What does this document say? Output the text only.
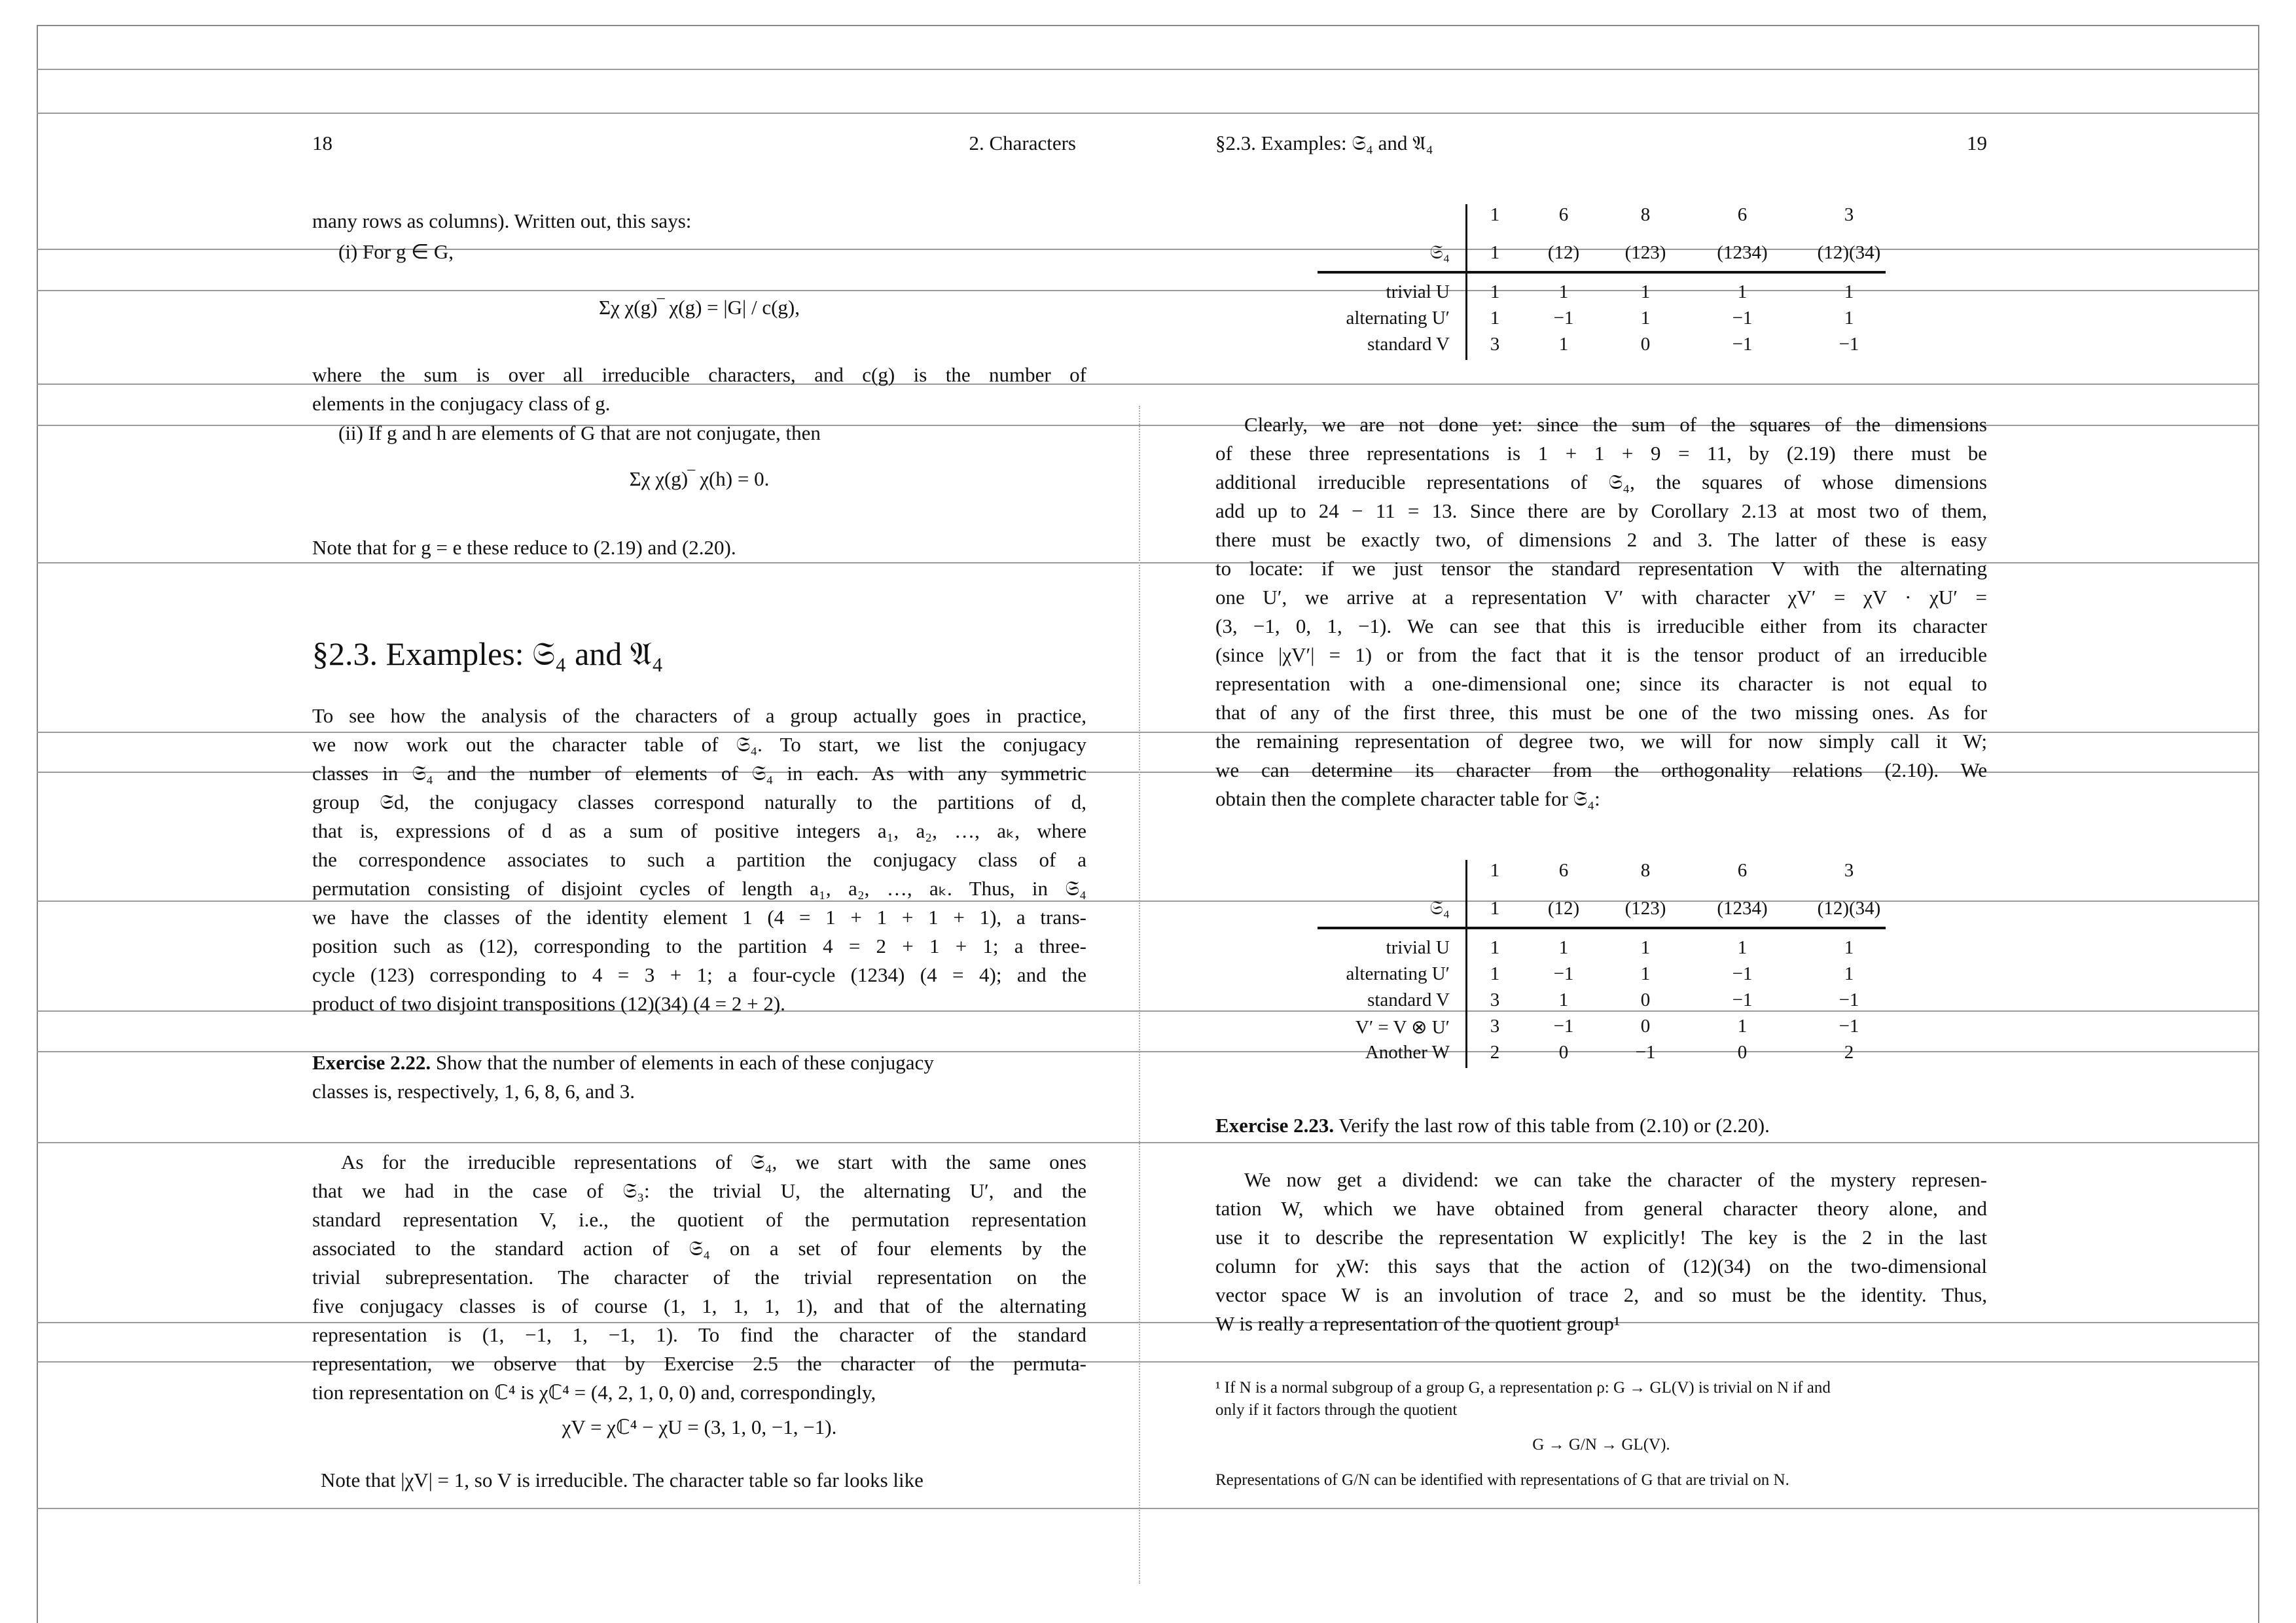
18	2. Characters
many rows as columns). Written out, this says:
(i) For g ∈ G,
Σχ χ(g)‾ χ(g) = |G| / c(g),
where the sum is over all irreducible characters, and c(g) is the number of
elements in the conjugacy class of g.
(ii) If g and h are elements of G that are not conjugate, then
Σχ χ(g)‾ χ(h) = 0.
Note that for g = e these reduce to (2.19) and (2.20).
§2.3. Examples: 𝔖₄ and 𝔄₄
To see how the analysis of the characters of a group actually goes in practice,
we now work out the character table of 𝔖₄. To start, we list the conjugacy
classes in 𝔖₄ and the number of elements of 𝔖₄ in each. As with any symmetric
group 𝔖d, the conjugacy classes correspond naturally to the partitions of d,
that is, expressions of d as a sum of positive integers a₁, a₂, …, aₖ, where
the correspondence associates to such a partition the conjugacy class of a
permutation consisting of disjoint cycles of length a₁, a₂, …, aₖ. Thus, in 𝔖₄
we have the classes of the identity element 1 (4 = 1 + 1 + 1 + 1), a trans-
position such as (12), corresponding to the partition 4 = 2 + 1 + 1; a three-
cycle (123) corresponding to 4 = 3 + 1; a four-cycle (1234) (4 = 4); and the
product of two disjoint transpositions (12)(34) (4 = 2 + 2).
Exercise 2.22. Show that the number of elements in each of these conjugacy
classes is, respectively, 1, 6, 8, 6, and 3.
As for the irreducible representations of 𝔖₄, we start with the same ones
that we had in the case of 𝔖₃: the trivial U, the alternating U′, and the
standard representation V, i.e., the quotient of the permutation representation
associated to the standard action of 𝔖₄ on a set of four elements by the
trivial subrepresentation. The character of the trivial representation on the
five conjugacy classes is of course (1, 1, 1, 1, 1), and that of the alternating
representation is (1, −1, 1, −1, 1). To find the character of the standard
representation, we observe that by Exercise 2.5 the character of the permuta-
tion representation on ℂ⁴ is χℂ⁴ = (4, 2, 1, 0, 0) and, correspondingly,
χV = χℂ⁴ − χU = (3, 1, 0, −1, −1).
Note that |χV| = 1, so V is irreducible. The character table so far looks like
§2.3. Examples: 𝔖₄ and 𝔄₄	19
1	6	8	6	3
𝔖₄ 1	(12) (123)	(1234)	(12)(34)
trivial U 1	1	1	1	1
alternating U′ 1	−1	1	−1	1
standard V 3	1	0	−1	−1
Clearly, we are not done yet: since the sum of the squares of the dimensions
of these three representations is 1 + 1 + 9 = 11, by (2.19) there must be
additional irreducible representations of 𝔖₄, the squares of whose dimensions
add up to 24 − 11 = 13. Since there are by Corollary 2.13 at most two of them,
there must be exactly two, of dimensions 2 and 3. The latter of these is easy
to locate: if we just tensor the standard representation V with the alternating
one U′, we arrive at a representation V′ with character χV′ = χV · χU′ =
(3, −1, 0, 1, −1). We can see that this is irreducible either from its character
(since |χV′| = 1) or from the fact that it is the tensor product of an irreducible
representation with a one-dimensional one; since its character is not equal to
that of any of the first three, this must be one of the two missing ones. As for
the remaining representation of degree two, we will for now simply call it W;
we can determine its character from the orthogonality relations (2.10). We
obtain then the complete character table for 𝔖₄:
1	6	8	6	3
𝔖₄ 1	(12) (123)	(1234)	(12)(34)
trivial U 1	1	1	1	1
alternating U′ 1	−1	1	−1	1
standard V 3	1	0	−1	−1
V′ = V ⊗ U′ 3	−1	0	1	−1
Another W 2	0	−1	0	2
Exercise 2.23. Verify the last row of this table from (2.10) or (2.20).
We now get a dividend: we can take the character of the mystery represen-
tation W, which we have obtained from general character theory alone, and
use it to describe the representation W explicitly! The key is the 2 in the last
column for χW: this says that the action of (12)(34) on the two-dimensional
vector space W is an involution of trace 2, and so must be the identity. Thus,
W is really a representation of the quotient group¹
¹ If N is a normal subgroup of a group G, a representation ρ: G → GL(V) is trivial on N if and
only if it factors through the quotient
G → G/N → GL(V).
Representations of G/N can be identified with representations of G that are trivial on N.
